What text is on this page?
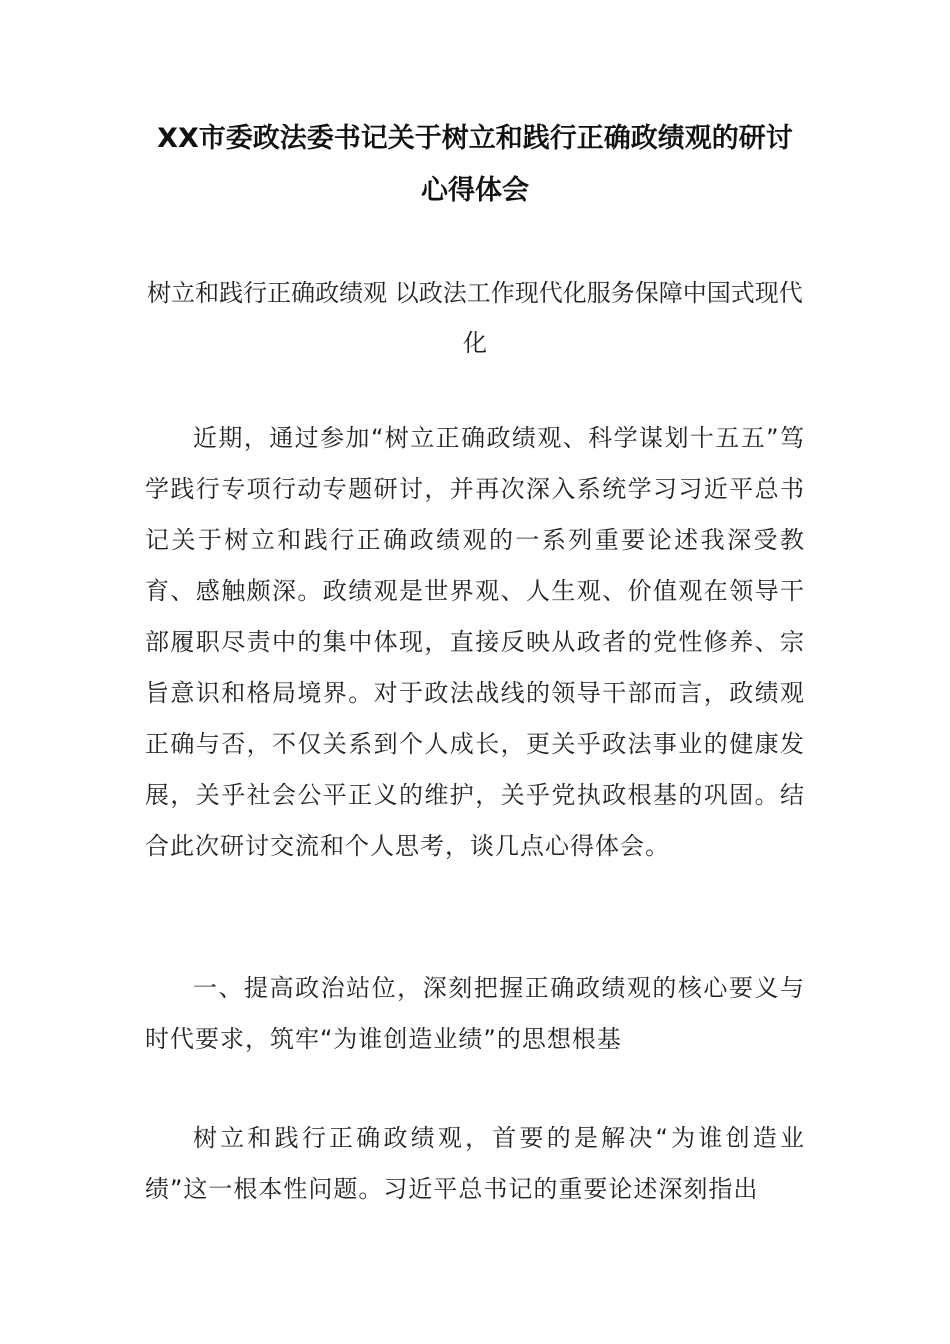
XX市委政法委书记关于树立和践行正确政绩观的研讨心得体会

树立和践行正确政绩观 以政法工作现代化服务保障中国式现代化

近期，通过参加“树立正确政绩观、科学谋划十五五”笃学践行专项行动专题研讨，并再次深入系统学习习近平总书记关于树立和践行正确政绩观的一系列重要论述我深受教育、感触颇深。政绩观是世界观、人生观、价值观在领导干部履职尽责中的集中体现，直接反映从政者的党性修养、宗旨意识和格局境界。对于政法战线的领导干部而言，政绩观正确与否，不仅关系到个人成长，更关乎政法事业的健康发展，关乎社会公平正义的维护，关乎党执政根基的巩固。结合此次研讨交流和个人思考，谈几点心得体会。

一、提高政治站位，深刻把握正确政绩观的核心要义与时代要求，筑牢“为谁创造业绩”的思想根基

树立和践行正确政绩观，首要的是解决“为谁创造业绩”这一根本性问题。习近平总书记的重要论述深刻指出
